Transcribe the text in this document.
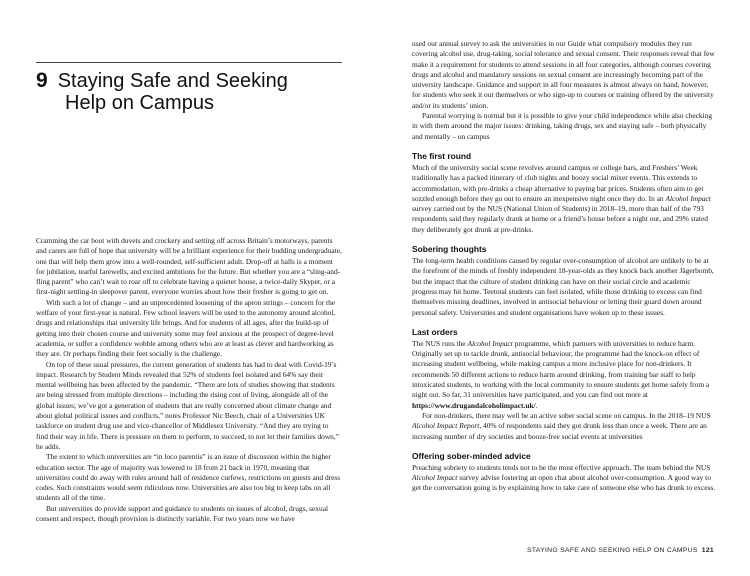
9 Staying Safe and Seeking
Help on Campus

Cramming the car boot with duvets and crockery and setting off across Britain’s motorways, parents and carers are full of hope that university will be a brilliant experience for their budding undergraduate, one that will help them grow into a well-rounded, self-sufficient adult. Drop-off at halls is a moment for jubilation, tearful farewells, and excited ambitions for the future. But whether you are a “sling-and-fling parent” who can’t wait to roar off to celebrate having a quieter house, a twice-daily Skyper, or a first-night settling-in sleepover parent, everyone worries about how their fresher is going to get on.

With such a lot of change – and an unprecedented loosening of the apron strings – concern for the welfare of your first-year is natural. Few school leavers will be used to the autonomy around alcohol, drugs and relationships that university life brings. And for students of all ages, after the build-up of getting into their chosen course and university some may feel anxious at the prospect of degree-level academia, or suffer a confidence wobble among others who are at least as clever and hardworking as they are. Or perhaps finding their feet socially is the challenge.

On top of these usual pressures, the current generation of students has had to deal with Covid-19’s impact. Research by Student Minds revealed that 52% of students feel isolated and 64% say their mental wellbeing has been affected by the pandemic. “There are lots of studies showing that students are being stressed from multiple directions – including the rising cost of living, alongside all of the global issues; we’ve got a generation of students that are really concerned about climate change and about global political issues and conflicts,” notes Professor Nic Beech, chair of a Universities UK taskforce on student drug use and vice-chancellor of Middlesex University. “And they are trying to find their way in life. There is pressure on them to perform, to succeed, to not let their families down,” he adds.

The extent to which universities are “in loco parentis” is an issue of discussion within the higher education sector. The age of majority was lowered to 18 from 21 back in 1970, meaning that universities could do away with rules around hall of residence curfews, restrictions on guests and dress codes. Such constraints would seem ridiculous now. Universities are also too big to keep tabs on all students all of the time.

But universities do provide support and guidance to students on issues of alcohol, drugs, sexual consent and respect, though provision is distinctly variable. For two years now we have

used our annual survey to ask the universities in our Guide what compulsory modules they run covering alcohol use, drug-taking, social tolerance and sexual consent. Their responses reveal that few make it a requirement for students to attend sessions in all four categories, although courses covering drugs and alcohol and mandatory sessions on sexual consent are increasingly becoming part of the university landscape. Guidance and support in all four measures is almost always on hand, however, for students who seek it out themselves or who sign-up to courses or training offered by the university and/or its students’ union.

Parental worrying is normal but it is possible to give your child independence while also checking in with them around the major issues: drinking, taking drugs, sex and staying safe – both physically and mentally – on campus

The first round

Much of the university social scene revolves around campus or college bars, and Freshers’ Week traditionally has a packed itinerary of club nights and boozy social mixer events. This extends to accommodation, with pre-drinks a cheap alternative to paying bar prices. Students often aim to get sozzled enough before they go out to ensure an inexpensive night once they do. In an Alcohol Impact survey carried out by the NUS (National Union of Students) in 2018–19, more than half of the 793 respondents said they regularly drank at home or a friend’s house before a night out, and 29% stated they deliberately got drunk at pre-drinks.

Sobering thoughts

The long-term health conditions caused by regular over-consumption of alcohol are unlikely to be at the forefront of the minds of freshly independent 18-year-olds as they knock back another Jägerbomb, but the impact that the culture of student drinking can have on their social circle and academic progress may hit home. Teetotal students can feel isolated, while those drinking to excess can find themselves missing deadlines, involved in antisocial behaviour or letting their guard down around personal safety. Universities and student organisations have woken up to these issues.

Last orders

The NUS runs the Alcohol Impact programme, which partners with universities to reduce harm. Originally set up to tackle drunk, antisocial behaviour, the programme had the knock-on effect of increasing student wellbeing, while making campus a more inclusive place for non-drinkers. It recommends 50 different actions to reduce harm around drinking, from training bar staff to help intoxicated students, to working with the local community to ensure students get home safely from a night out. So far, 31 universities have participated, and you can find out more at https://www.drugandalcoholimpact.uk/.

For non-drinkers, there may well be an active sober social scene on campus. In the 2018–19 NUS Alcohol Impact Report, 40% of respondents said they got drunk less than once a week. There are an increasing number of dry societies and booze-free social events at universities

Offering sober-minded advice

Preaching sobriety to students tends not to be the most effective approach. The team behind the NUS Alcohol Impact survey advise fostering an open chat about alcohol over-consumption. A good way to get the conversation going is by explaining how to take care of someone else who has drunk to excess.

STAYING SAFE AND SEEKING HELP ON CAMPUS 121
